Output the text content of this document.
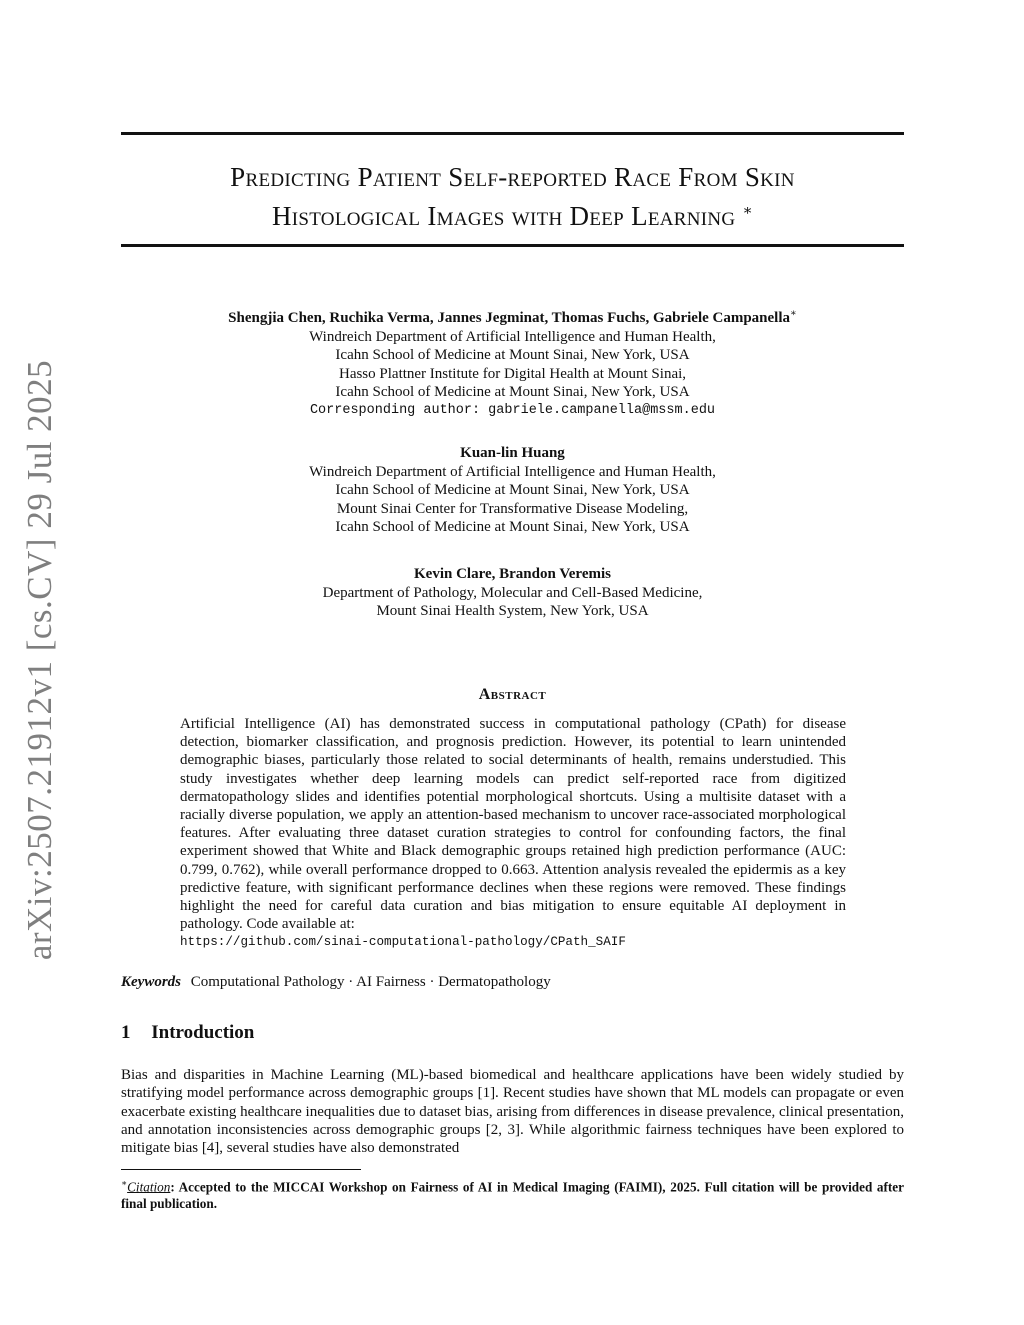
arXiv:2507.21912v1 [cs.CV] 29 Jul 2025
Predicting Patient Self-reported Race From Skin
Histological Images with Deep Learning ∗
Shengjia Chen, Ruchika Verma, Jannes Jegminat, Thomas Fuchs, Gabriele Campanella∗
Windreich Department of Artificial Intelligence and Human Health,
Icahn School of Medicine at Mount Sinai, New York, USA
Hasso Plattner Institute for Digital Health at Mount Sinai,
Icahn School of Medicine at Mount Sinai, New York, USA
Corresponding author: gabriele.campanella@mssm.edu
Kuan-lin Huang
Windreich Department of Artificial Intelligence and Human Health,
Icahn School of Medicine at Mount Sinai, New York, USA
Mount Sinai Center for Transformative Disease Modeling,
Icahn School of Medicine at Mount Sinai, New York, USA
Kevin Clare, Brandon Veremis
Department of Pathology, Molecular and Cell-Based Medicine,
Mount Sinai Health System, New York, USA
Abstract
Artificial Intelligence (AI) has demonstrated success in computational pathology (CPath) for disease detection, biomarker classification, and prognosis prediction. However, its potential to learn unintended demographic biases, particularly those related to social determinants of health, remains understudied. This study investigates whether deep learning models can predict self-reported race from digitized dermatopathology slides and identifies potential morphological shortcuts. Using a multisite dataset with a racially diverse population, we apply an attention-based mechanism to uncover race-associated morphological features. After evaluating three dataset curation strategies to control for confounding factors, the final experiment showed that White and Black demographic groups retained high prediction performance (AUC: 0.799, 0.762), while overall performance dropped to 0.663. Attention analysis revealed the epidermis as a key predictive feature, with significant performance declines when these regions were removed. These findings highlight the need for careful data curation and bias mitigation to ensure equitable AI deployment in pathology. Code available at:
https://github.com/sinai-computational-pathology/CPath_SAIF
Keywords Computational Pathology · AI Fairness · Dermatopathology
1 Introduction
Bias and disparities in Machine Learning (ML)-based biomedical and healthcare applications have been widely studied by stratifying model performance across demographic groups [1]. Recent studies have shown that ML models can propagate or even exacerbate existing healthcare inequalities due to dataset bias, arising from differences in disease prevalence, clinical presentation, and annotation inconsistencies across demographic groups [2, 3]. While algorithmic fairness techniques have been explored to mitigate bias [4], several studies have also demonstrated
∗Citation: Accepted to the MICCAI Workshop on Fairness of AI in Medical Imaging (FAIMI), 2025. Full citation will be provided after final publication.
